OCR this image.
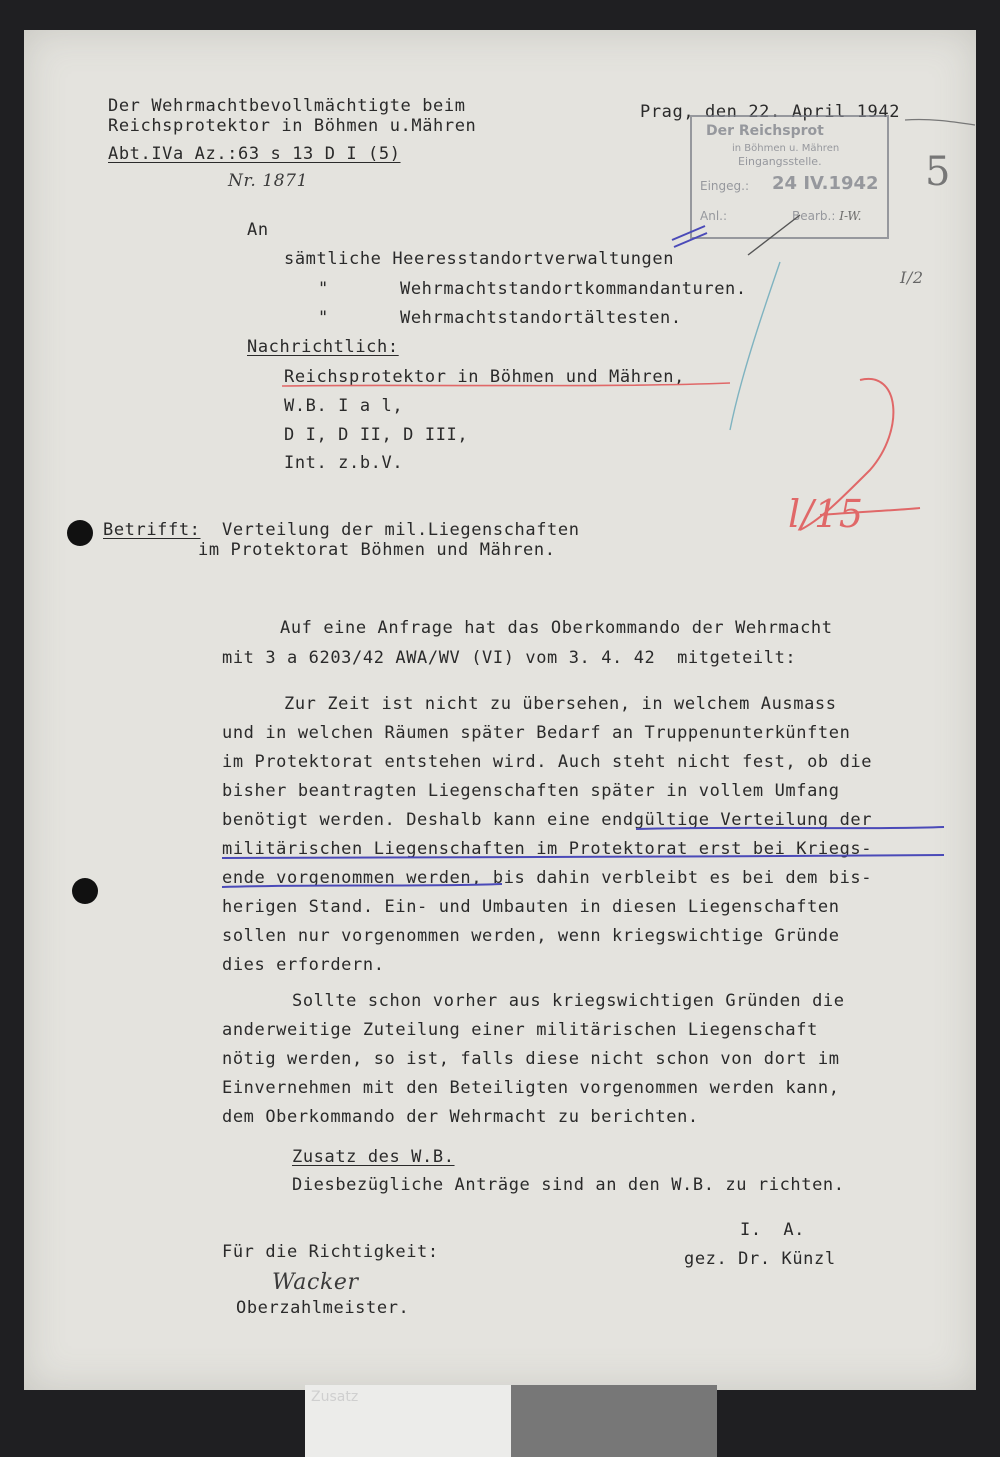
Der Wehrmachtbevollmächtigte beim
Reichsprotektor in Böhmen u.Mähren
Abt.IVa Az.:63 s 13 D I (5)
Nr. 1871
Prag, den 22. April 1942
Der Reichsprot
in Böhmen u. Mähren
Eingangsstelle.
Eingeg.: 24 IV.1942
Anl.:	Bearb.: I-W.
5
I/2
l/15
An
sämtliche Heeresstandortverwaltungen
"	Wehrmachtstandortkommandanturen.
"	Wehrmachtstandortältesten.
Nachrichtlich:
Reichsprotektor in Böhmen und Mähren,
W.B. I a l,
D I, D II, D III,
Int. z.b.V.
Betrifft: Verteilung der mil.Liegenschaften
im Protektorat Böhmen und Mähren.
Auf eine Anfrage hat das Oberkommando der Wehrmacht
mit 3 a 6203/42 AWA/WV (VI) vom 3. 4. 42  mitgeteilt:
Zur Zeit ist nicht zu übersehen, in welchem Ausmass
und in welchen Räumen später Bedarf an Truppenunterkünften
im Protektorat entstehen wird. Auch steht nicht fest, ob die
bisher beantragten Liegenschaften später in vollem Umfang
benötigt werden. Deshalb kann eine endgültige Verteilung der
militärischen Liegenschaften im Protektorat erst bei Kriegs-
ende vorgenommen werden, bis dahin verbleibt es bei dem bis-
herigen Stand. Ein- und Umbauten in diesen Liegenschaften
sollen nur vorgenommen werden, wenn kriegswichtige Gründe
dies erfordern.
Sollte schon vorher aus kriegswichtigen Gründen die
anderweitige Zuteilung einer militärischen Liegenschaft
nötig werden, so ist, falls diese nicht schon von dort im
Einvernehmen mit den Beteiligten vorgenommen werden kann,
dem Oberkommando der Wehrmacht zu berichten.
Zusatz des W.B.
Diesbezügliche Anträge sind an den W.B. zu richten.
I.  A.
gez. Dr. Künzl
Für die Richtigkeit:
Wacker
Oberzahlmeister.
Zusatz
